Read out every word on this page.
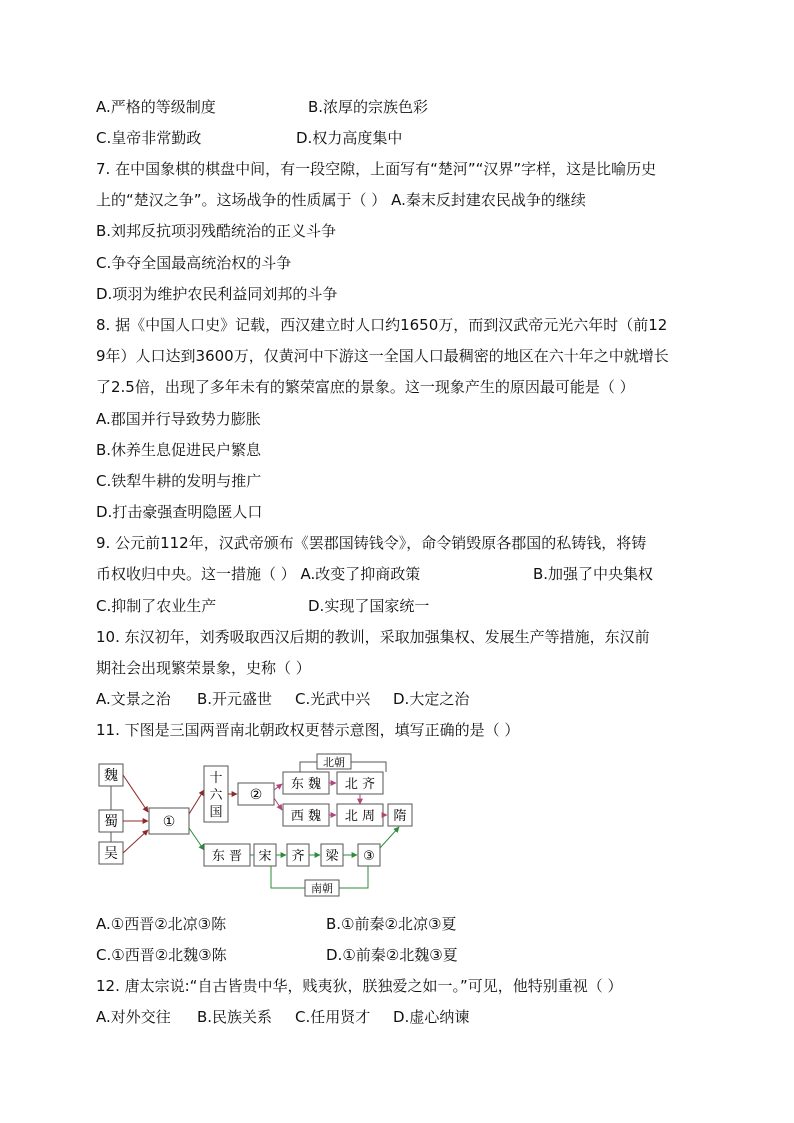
A.严格的等级制度	B.浓厚的宗族色彩
C.皇帝非常勤政	D.权力高度集中
7. 在中国象棋的棋盘中间，有一段空隙，上面写有“楚河”“汉界”字样，这是比喻历史
上的“楚汉之争”。这场战争的性质属于（ ） A.秦末反封建农民战争的继续
B.刘邦反抗项羽残酷统治的正义斗争
C.争夺全国最高统治权的斗争
D.项羽为维护农民利益同刘邦的斗争
8. 据《中国人口史》记载，西汉建立时人口约1650万，而到汉武帝元光六年时（前12
9年）人口达到3600万，仅黄河中下游这一全国人口最稠密的地区在六十年之中就增长
了2.5倍，出现了多年未有的繁荣富庶的景象。这一现象产生的原因最可能是（ ）
A.郡国并行导致势力膨胀
B.休养生息促进民户繁息
C.铁犁牛耕的发明与推广
D.打击豪强查明隐匿人口
9. 公元前112年，汉武帝颁布《罢郡国铸钱令》，命令销毁原各郡国的私铸钱，将铸
币权收归中央。这一措施（ ） A.改变了抑商政策	B.加强了中央集权
C.抑制了农业生产	D.实现了国家统一
10. 东汉初年，刘秀吸取西汉后期的教训，采取加强集权、发展生产等措施，东汉前
期社会出现繁荣景象，史称（ ）
A.文景之治 B.开元盛世 C.光武中兴 D.大定之治
11. 下图是三国两晋南北朝政权更替示意图，填写正确的是（ ）
魏
蜀
吴
①
十
六
国
②
北朝
东 魏 北 齐
西 魏 北 周 隋
东 晋 宋 齐 梁 ③
南朝
A.①西晋②北凉③陈	B.①前秦②北凉③夏
C.①西晋②北魏③陈	D.①前秦②北魏③夏
12. 唐太宗说:“自古皆贵中华，贱夷狄，朕独爱之如一。”可见，他特别重视（ ）
A.对外交往 B.民族关系 C.任用贤才 D.虚心纳谏
